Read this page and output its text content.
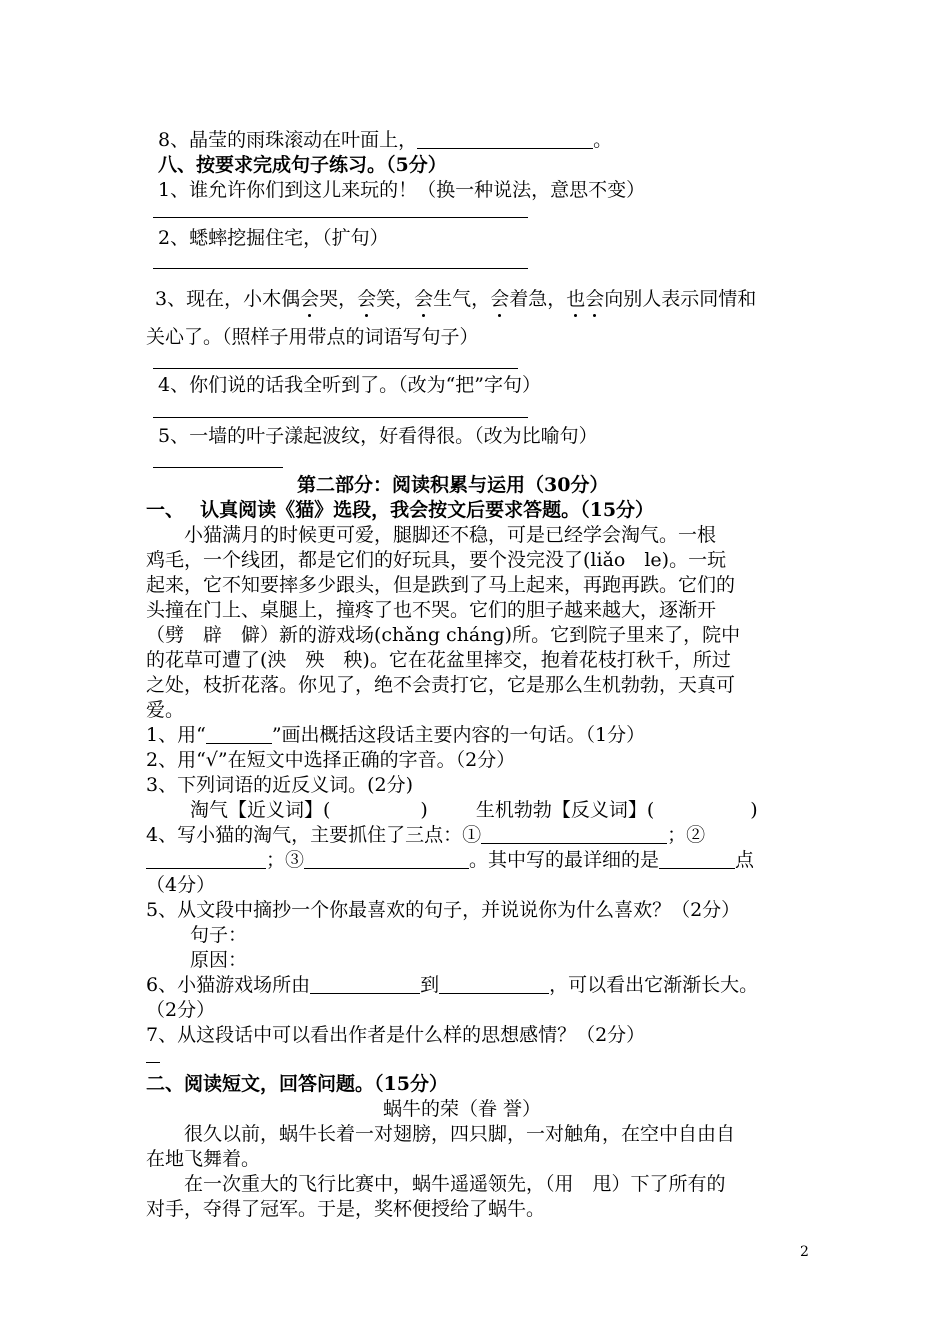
8、晶莹的雨珠滚动在叶面上，	。
八、按要求完成句子练习。（5分）
1、谁允许你们到这儿来玩的！（换一种说法，意思不变）
2、蟋蟀挖掘住宅，（扩句）
3、现在，小木偶会哭，会笑，会生气，会着急，也会向别人表示同情和
关心了。（照样子用带点的词语写句子）
4、你们说的话我全听到了。（改为“把”字句）
5、一墙的叶子漾起波纹，好看得很。（改为比喻句）
第二部分：阅读积累与运用（30分）
一、　 认真阅读《猫》选段，我会按文后要求答题。（15分）
　　小猫满月的时候更可爱，腿脚还不稳，可是已经学会淘气。一根
鸡毛，一个线团，都是它们的好玩具，要个没完没了(liǎo　le)。一玩
起来，它不知要摔多少跟头，但是跌到了马上起来，再跑再跌。它们的
头撞在门上、桌腿上，撞疼了也不哭。它们的胆子越来越大，逐渐开
（劈　辟　僻）新的游戏场(chǎng chánɡ)所。它到院子里来了，院中
的花草可遭了(泱　殃　秧)。它在花盆里摔交，抱着花枝打秋千，所过
之处，枝折花落。你见了，绝不会责打它，它是那么生机勃勃，天真可
爱。
1、用“	”画出概括这段话主要内容的一句话。（1分）
2、用“√”在短文中选择正确的字音。（2分）
3、下列词语的近反义词。(2分)
淘气【近义词】(	)	生机勃勃【反义词】(	)
4、写小猫的淘气，主要抓住了三点：①	；②
；③	。其中写的最详细的是	点
（4分）
5、从文段中摘抄一个你最喜欢的句子，并说说你为什么喜欢？（2分）
句子：
原因：
6、小猫游戏场所由	到	，可以看出它渐渐长大。
（2分）
7、从这段话中可以看出作者是什么样的思想感情？（2分）
二、阅读短文，回答问题。（15分）
蜗牛的荣（眷 誉）
　　很久以前，蜗牛长着一对翅膀，四只脚，一对触角，在空中自由自
在地飞舞着。
　　在一次重大的飞行比赛中，蜗牛遥遥领先，（用　甩）下了所有的
对手，夺得了冠军。于是，奖杯便授给了蜗牛。
2
